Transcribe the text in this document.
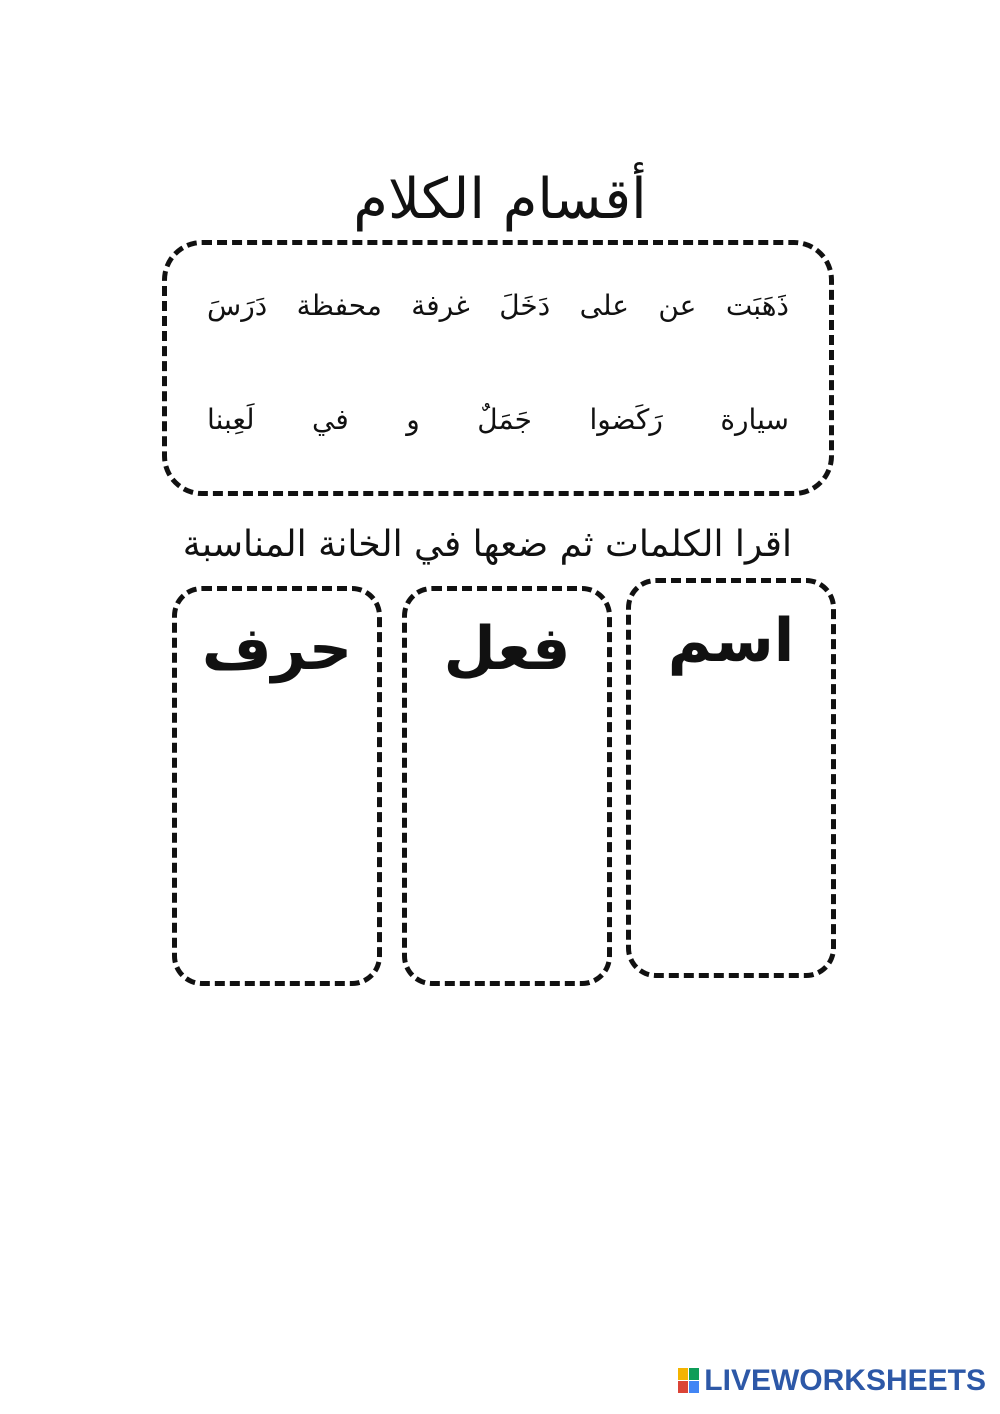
أقسام الكلام
دَرَسَ محفظة غرفة دَخَلَ على عن ذَهَبَت
لَعِبنا في و جَمَلٌ رَكَضوا سيارة
اقرا الكلمات ثم ضعها في الخانة المناسبة
اسم
فعل
حرف
LIVEWORKSHEETS
